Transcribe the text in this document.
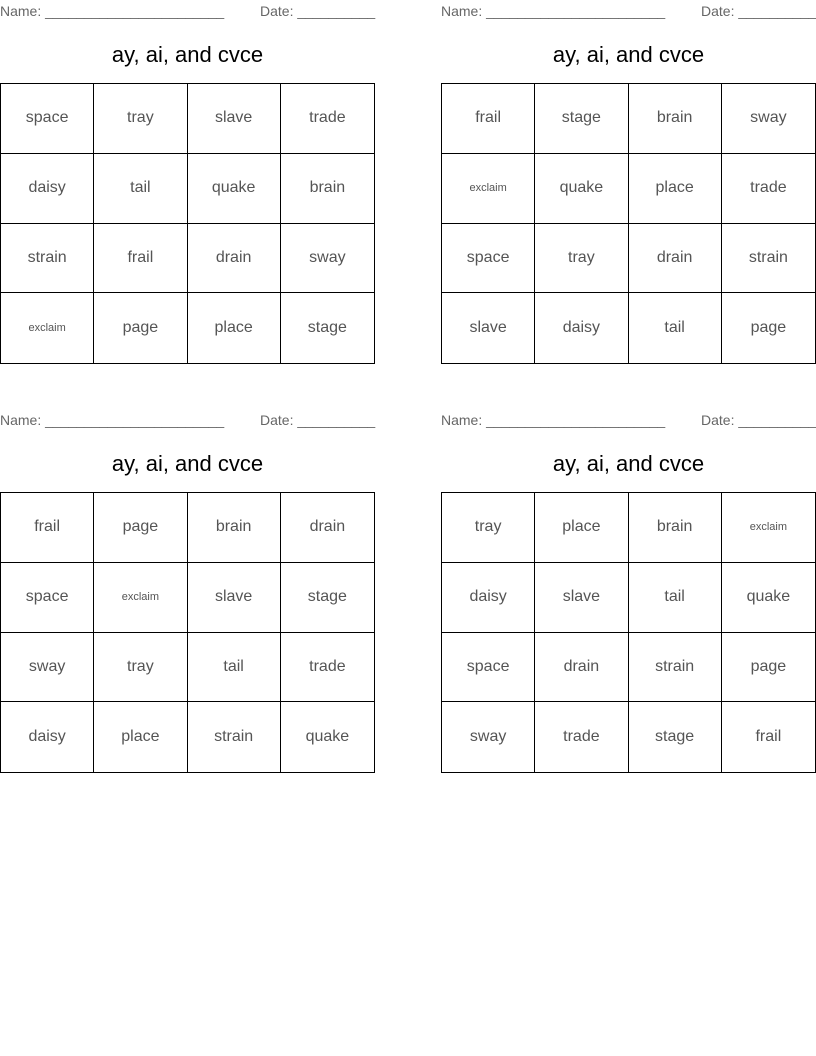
Name: _______________________	Date: __________
ay, ai, and cvce
space	tray	slave	trade
daisy	tail	quake	brain
strain	frail	drain	sway
exclaim	page	place	stage
Name: _______________________	Date: __________
ay, ai, and cvce
frail	stage	brain	sway
exclaim	quake	place	trade
space	tray	drain	strain
slave	daisy	tail	page
Name: _______________________	Date: __________
ay, ai, and cvce
frail	page	brain	drain
space	exclaim	slave	stage
sway	tray	tail	trade
daisy	place	strain	quake
Name: _______________________	Date: __________
ay, ai, and cvce
tray	place	brain	exclaim
daisy	slave	tail	quake
space	drain	strain	page
sway	trade	stage	frail
